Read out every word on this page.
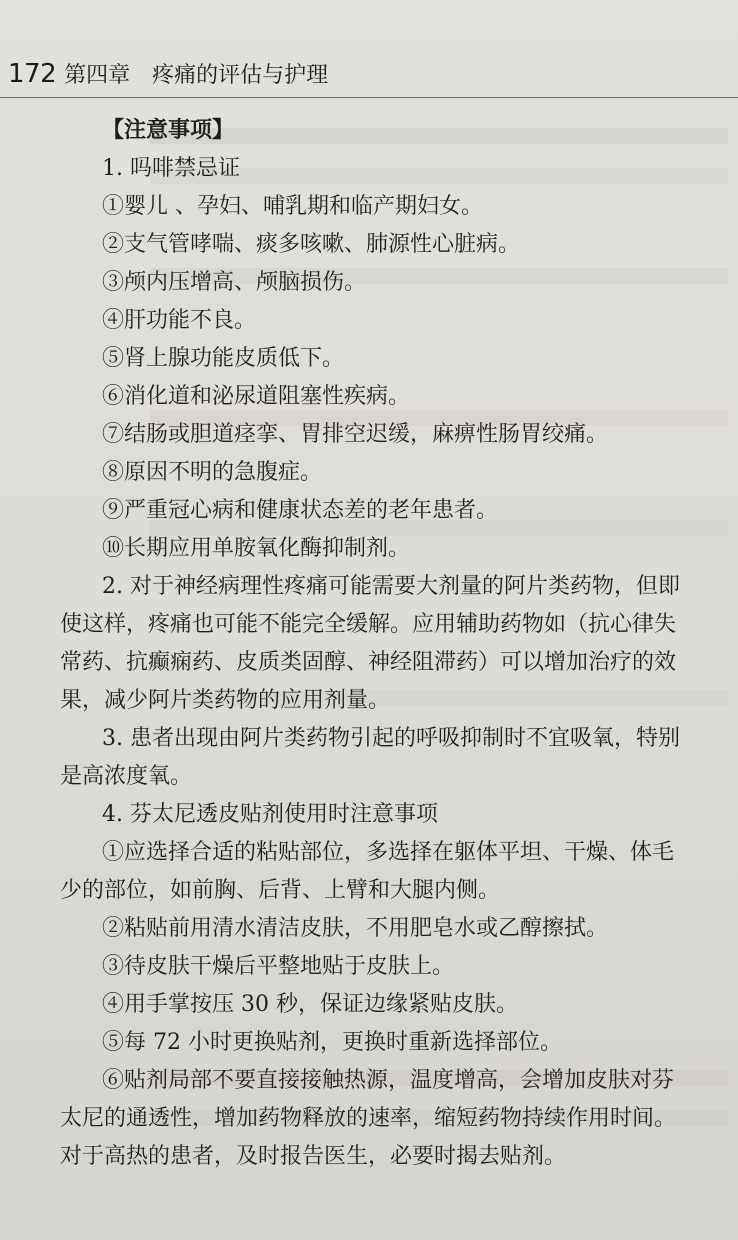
172 第四章 疼痛的评估与护理
【注意事项】
1. 吗啡禁忌证
①婴儿 、孕妇、哺乳期和临产期妇女。
②支气管哮喘、痰多咳嗽、肺源性心脏病。
③颅内压增高、颅脑损伤。
④肝功能不良。
⑤肾上腺功能皮质低下。
⑥消化道和泌尿道阻塞性疾病。
⑦结肠或胆道痉挛、胃排空迟缓，麻痹性肠胃绞痛。
⑧原因不明的急腹症。
⑨严重冠心病和健康状态差的老年患者。
⑩长期应用单胺氧化酶抑制剂。
2. 对于神经病理性疼痛可能需要大剂量的阿片类药物，但即
使这样，疼痛也可能不能完全缓解。应用辅助药物如（抗心律失
常药、抗癫痫药、皮质类固醇、神经阻滞药）可以增加治疗的效
果，减少阿片类药物的应用剂量。
3. 患者出现由阿片类药物引起的呼吸抑制时不宜吸氧，特别
是高浓度氧。
4. 芬太尼透皮贴剂使用时注意事项
①应选择合适的粘贴部位，多选择在躯体平坦、干燥、体毛
少的部位，如前胸、后背、上臂和大腿内侧。
②粘贴前用清水清洁皮肤，不用肥皂水或乙醇擦拭。
③待皮肤干燥后平整地贴于皮肤上。
④用手掌按压 30 秒，保证边缘紧贴皮肤。
⑤每 72 小时更换贴剂，更换时重新选择部位。
⑥贴剂局部不要直接接触热源，温度增高，会增加皮肤对芬
太尼的通透性，增加药物释放的速率，缩短药物持续作用时间。
对于高热的患者，及时报告医生，必要时揭去贴剂。
